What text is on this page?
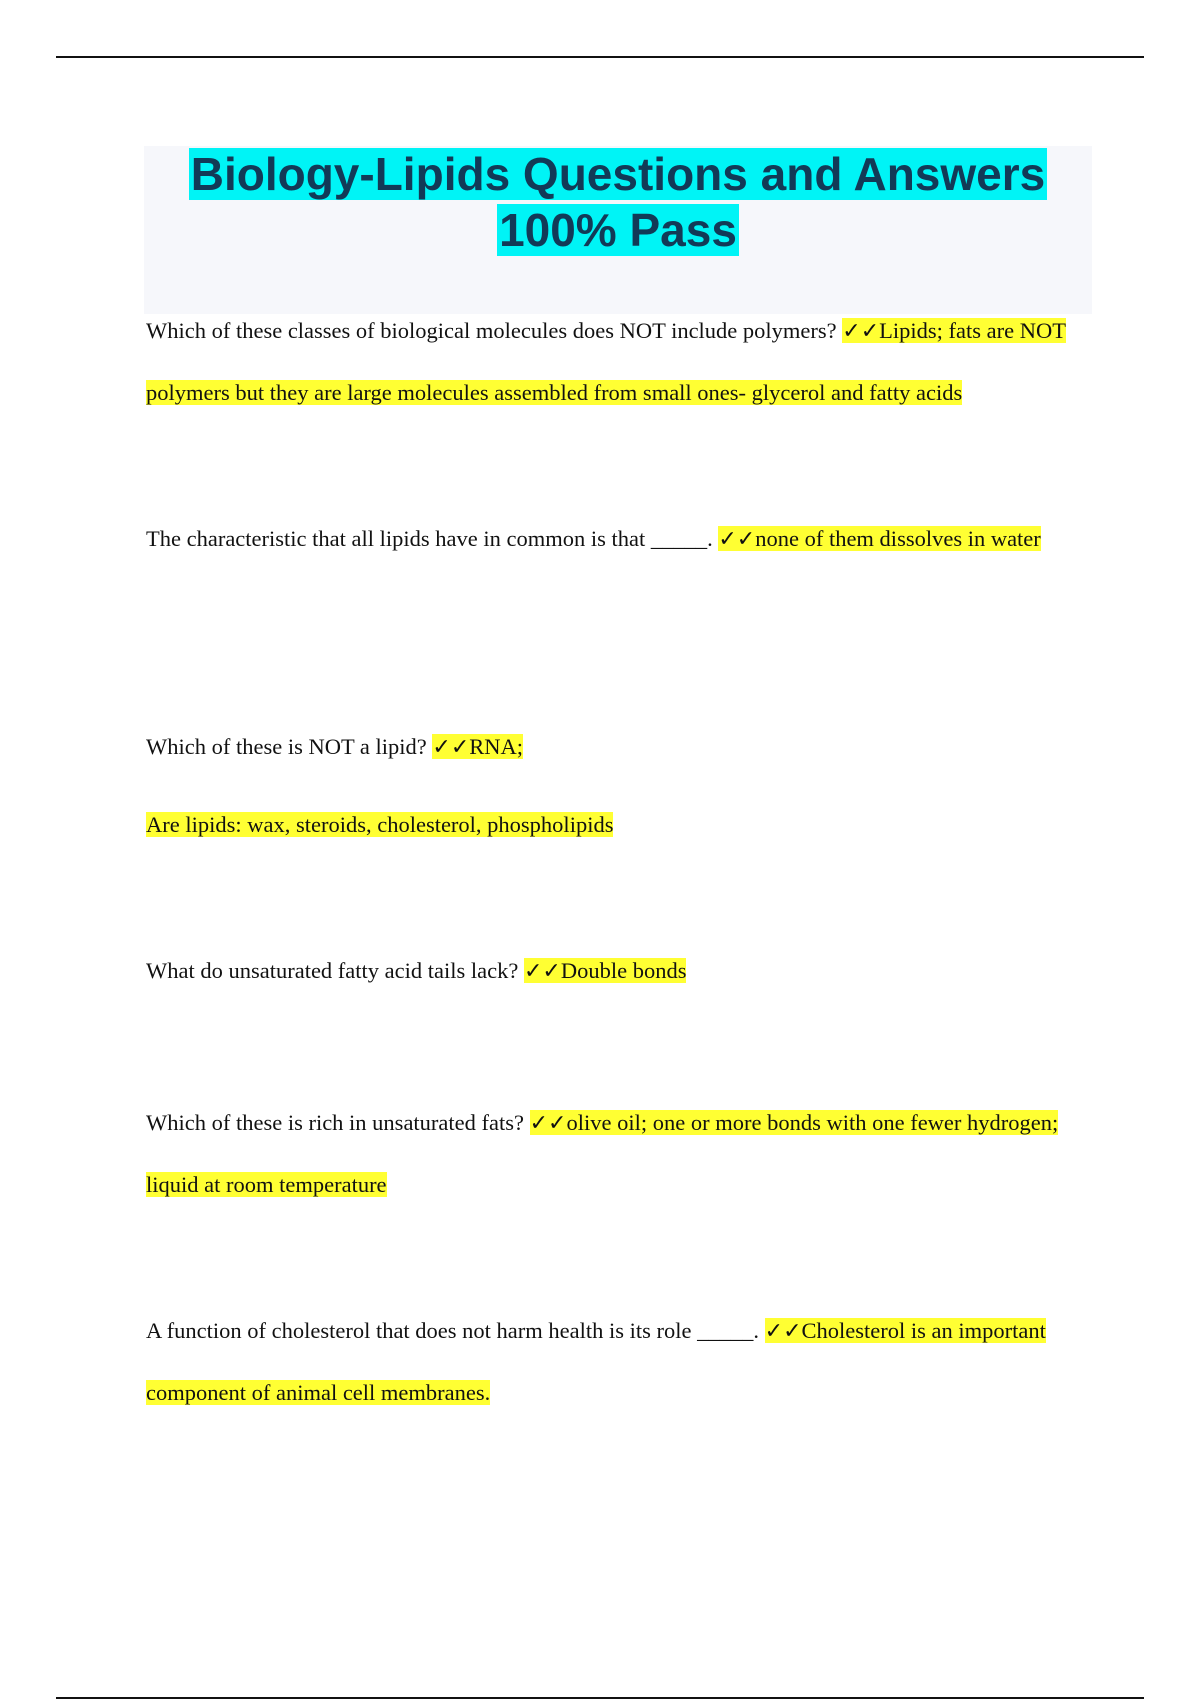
Biology-Lipids Questions and Answers
100% Pass
Which of these classes of biological molecules does NOT include polymers? ✓✓Lipids; fats are NOT polymers but they are large molecules assembled from small ones- glycerol and fatty acids
The characteristic that all lipids have in common is that _____. ✓✓none of them dissolves in water

Which of these is NOT a lipid? ✓✓RNA;

Are lipids: wax, steroids, cholesterol, phospholipids

What do unsaturated fatty acid tails lack? ✓✓Double bonds
Which of these is rich in unsaturated fats? ✓✓olive oil; one or more bonds with one fewer hydrogen; liquid at room temperature
A function of cholesterol that does not harm health is its role _____. ✓✓Cholesterol is an important component of animal cell membranes.
